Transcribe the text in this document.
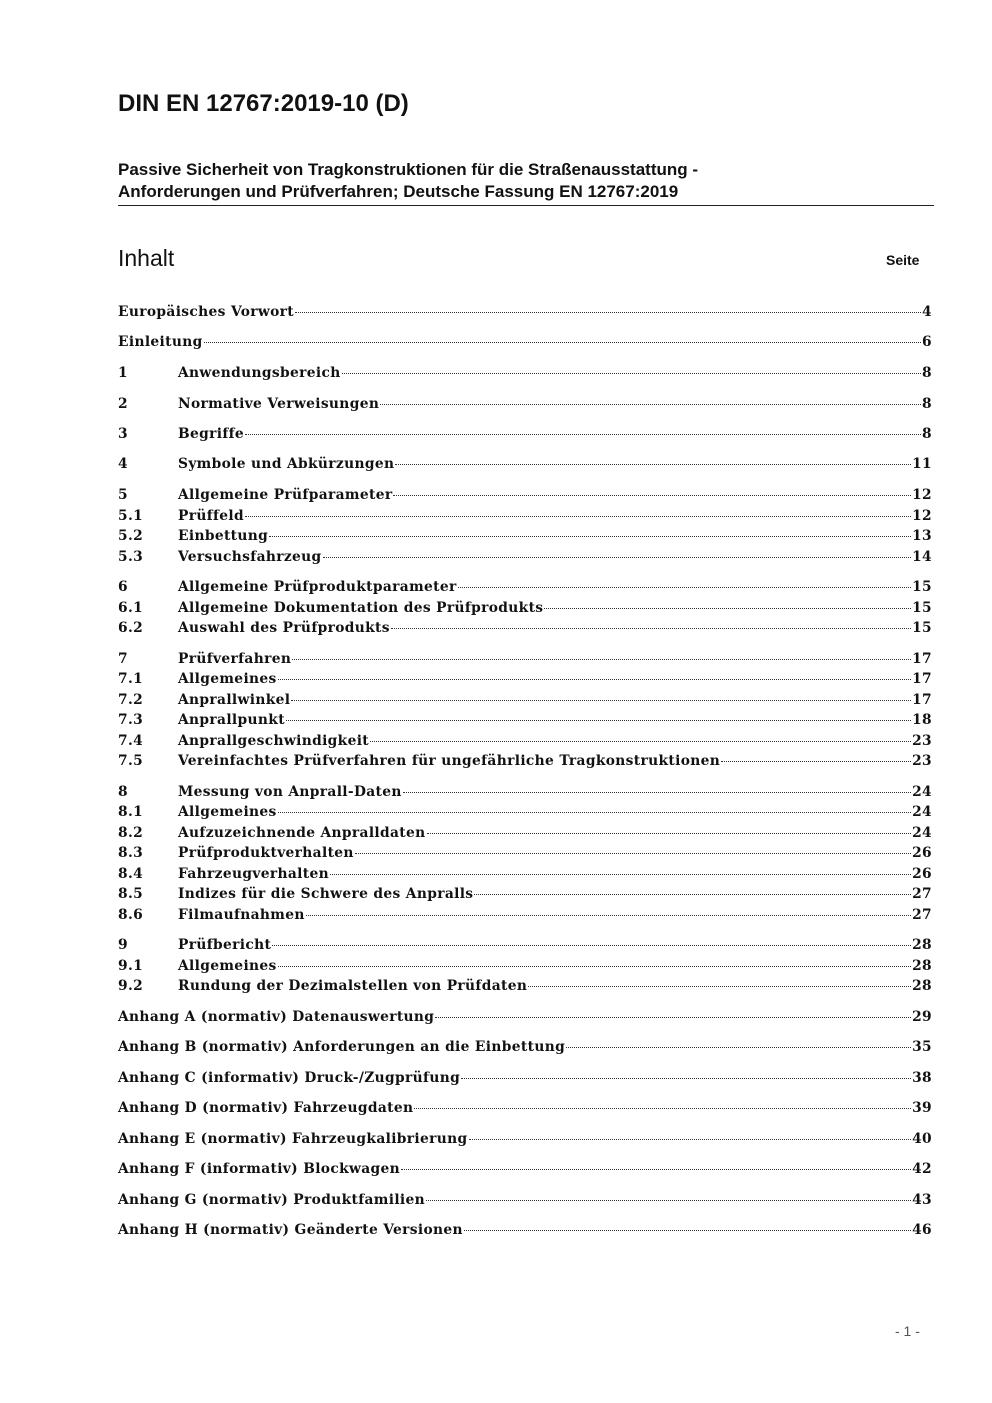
DIN EN 12767:2019-10 (D)
Passive Sicherheit von Tragkonstruktionen für die Straßenausstattung -
Anforderungen und Prüfverfahren; Deutsche Fassung EN 12767:2019
Inhalt	Seite
Europäisches Vorwort	4
Einleitung	6
1	Anwendungsbereich	8
2	Normative Verweisungen	8
3	Begriffe	8
4	Symbole und Abkürzungen	11
5	Allgemeine Prüfparameter	12
5.1	Prüffeld	12
5.2	Einbettung	13
5.3	Versuchsfahrzeug	14
6	Allgemeine Prüfproduktparameter	15
6.1	Allgemeine Dokumentation des Prüfprodukts	15
6.2	Auswahl des Prüfprodukts	15
7	Prüfverfahren	17
7.1	Allgemeines	17
7.2	Anprallwinkel	17
7.3	Anprallpunkt	18
7.4	Anprallgeschwindigkeit	23
7.5	Vereinfachtes Prüfverfahren für ungefährliche Tragkonstruktionen	23
8	Messung von Anprall-Daten	24
8.1	Allgemeines	24
8.2	Aufzuzeichnende Anpralldaten	24
8.3	Prüfproduktverhalten	26
8.4	Fahrzeugverhalten	26
8.5	Indizes für die Schwere des Anpralls	27
8.6	Filmaufnahmen	27
9	Prüfbericht	28
9.1	Allgemeines	28
9.2	Rundung der Dezimalstellen von Prüfdaten	28
Anhang A (normativ) Datenauswertung	29
Anhang B (normativ) Anforderungen an die Einbettung	35
Anhang C (informativ) Druck-/Zugprüfung	38
Anhang D (normativ) Fahrzeugdaten	39
Anhang E (normativ) Fahrzeugkalibrierung	40
Anhang F (informativ) Blockwagen	42
Anhang G (normativ) Produktfamilien	43
Anhang H (normativ) Geänderte Versionen	46
- 1 -
